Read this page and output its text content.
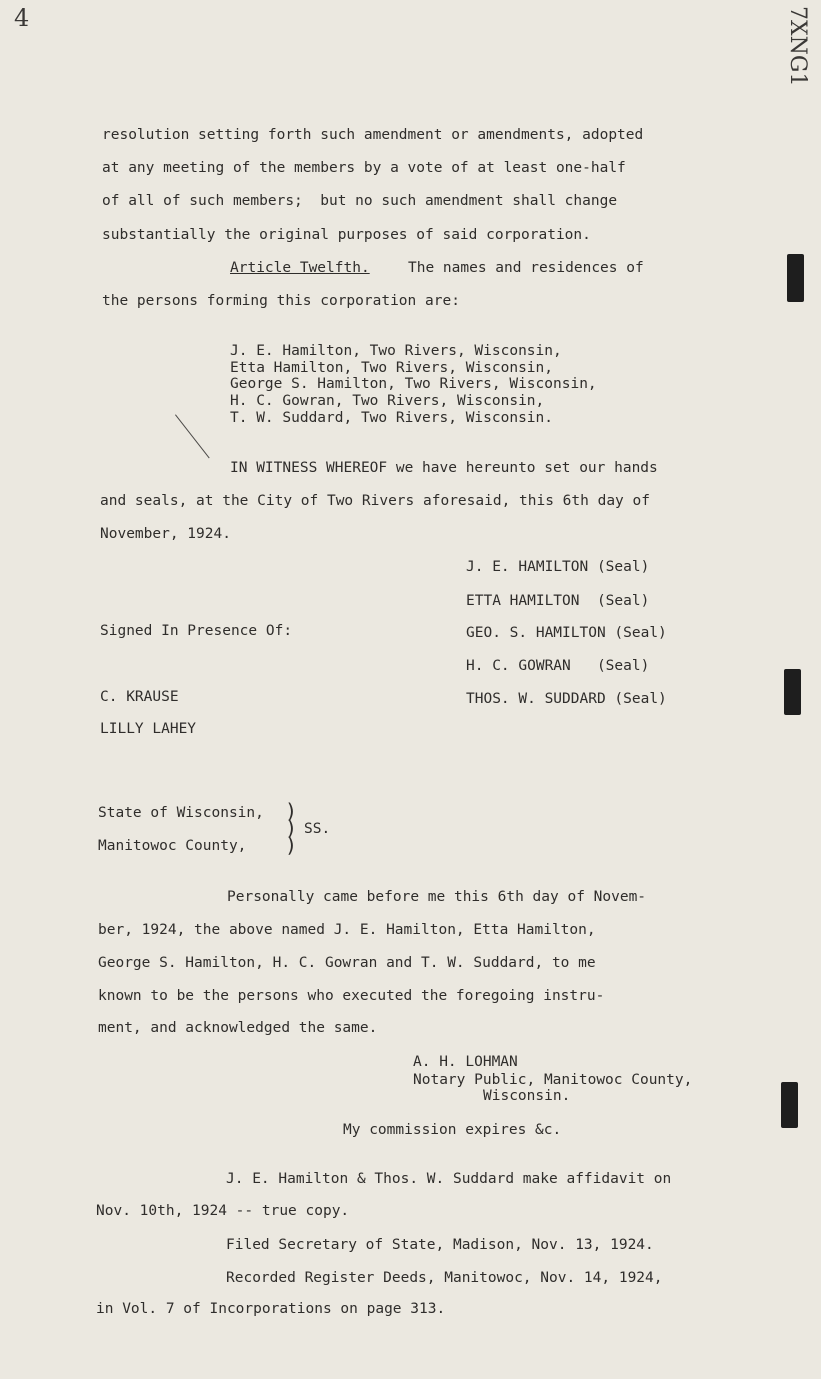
4	7XNG1
resolution setting forth such amendment or amendments, adopted
at any meeting of the members by a vote of at least one-half
of all of such members;  but no such amendment shall change
substantially the original purposes of said corporation.
Article Twelfth.	The names and residences of
the persons forming this corporation are:
J. E. Hamilton, Two Rivers, Wisconsin,
Etta Hamilton, Two Rivers, Wisconsin,
George S. Hamilton, Two Rivers, Wisconsin,
H. C. Gowran, Two Rivers, Wisconsin,
T. W. Suddard, Two Rivers, Wisconsin.
IN WITNESS WHEREOF we have hereunto set our hands
and seals, at the City of Two Rivers aforesaid, this 6th day of
November, 1924.
J. E. HAMILTON (Seal)
ETTA HAMILTON  (Seal)
GEO. S. HAMILTON (Seal)
H. C. GOWRAN   (Seal)
THOS. W. SUDDARD (Seal)
Signed In Presence Of:
C. KRAUSE
LILLY LAHEY
State of Wisconsin,
Manitowoc County,
)
)
)
SS.
Personally came before me this 6th day of Novem-
ber, 1924, the above named J. E. Hamilton, Etta Hamilton,
George S. Hamilton, H. C. Gowran and T. W. Suddard, to me
known to be the persons who executed the foregoing instru-
ment, and acknowledged the same.
A. H. LOHMAN
Notary Public, Manitowoc County,
Wisconsin.
My commission expires &c.
J. E. Hamilton & Thos. W. Suddard make affidavit on
Nov. 10th, 1924 -- true copy.
Filed Secretary of State, Madison, Nov. 13, 1924.
Recorded Register Deeds, Manitowoc, Nov. 14, 1924,
in Vol. 7 of Incorporations on page 313.
